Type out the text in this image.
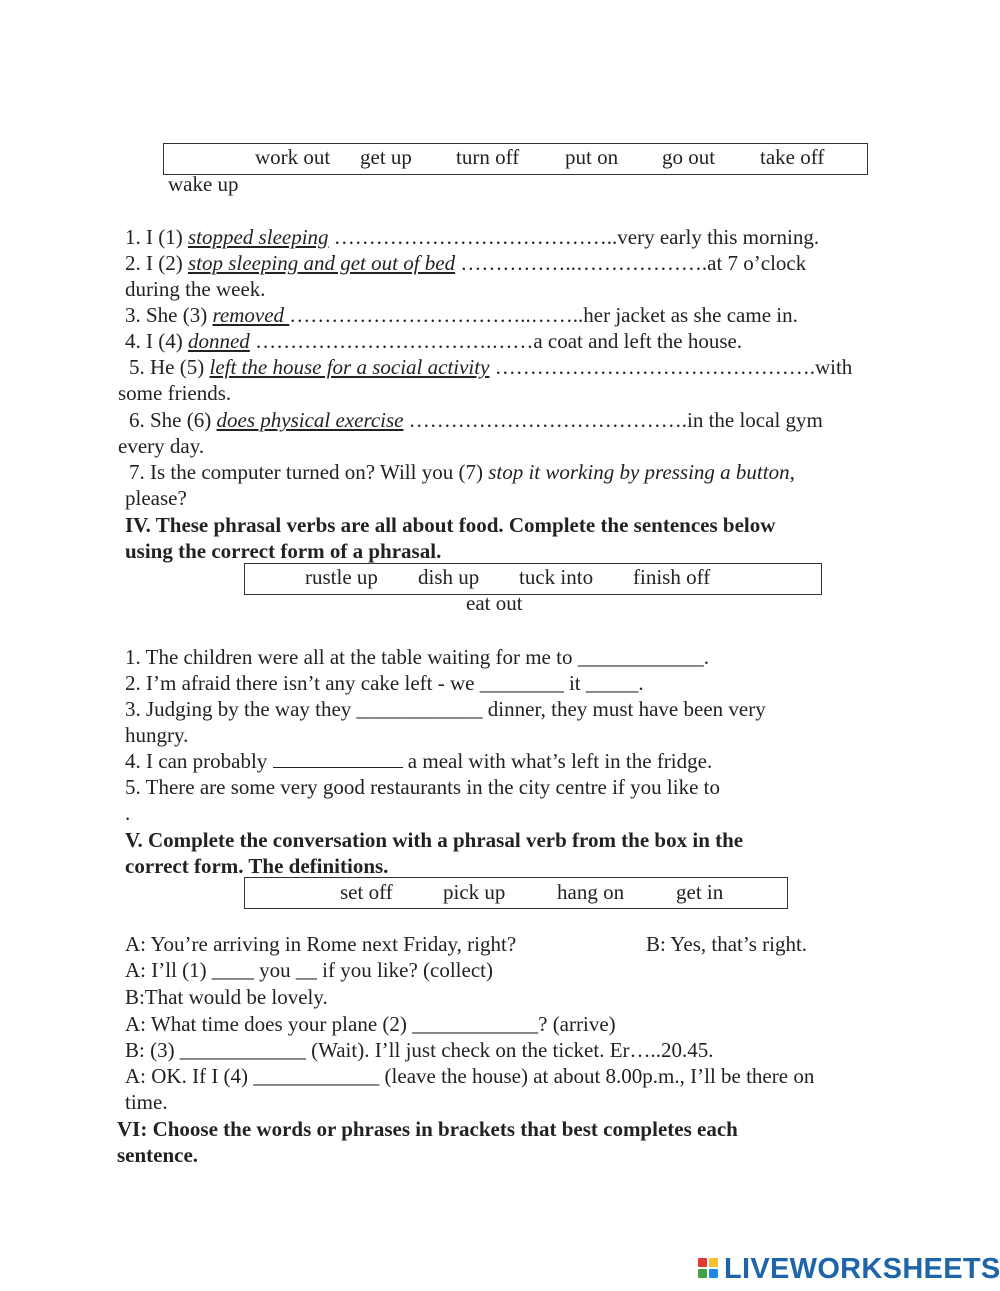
work out get up turn off put on go out take off
wake up
1. I (1) stopped sleeping …………………………………..very early this morning.
2. I (2) stop sleeping and get out of bed ……………..……………….at 7 o’clock
during the week.
3. She (3) removed ……………………………..……..her jacket as she came in.
4. I (4) donned …………………………….……a coat and left the house.
5. He (5) left the house for a social activity ……………………………………….with
some friends.
6. She (6) does physical exercise ………………………………….in the local gym
every day.
7. Is the computer turned on? Will you (7) stop it working by pressing a button,
please?
IV. These phrasal verbs are all about food. Complete the sentences below
using the correct form of a phrasal.
rustle up dish up tuck into finish off
eat out
1. The children were all at the table waiting for me to ____________.
2. I’m afraid there isn’t any cake left - we ________ it _____.
3. Judging by the way they ____________ dinner, they must have been very
hungry.
4. I can probably	a meal with what’s left in the fridge.
5. There are some very good restaurants in the city centre if you like to
.
V. Complete the conversation with a phrasal verb from the box in the
correct form. The definitions.
set off pick up hang on get in
A: You’re arriving in Rome next Friday, right?	B: Yes, that’s right.
A: I’ll (1) ____ you __ if you like? (collect)
B:That would be lovely.
A: What time does your plane (2) ____________? (arrive)
B: (3) ____________ (Wait). I’ll just check on the ticket. Er…..20.45.
A: OK. If I (4) ____________ (leave the house) at about 8.00p.m., I’ll be there on
time.
VI: Choose the words or phrases in brackets that best completes each
sentence.
LIVEWORKSHEETS
